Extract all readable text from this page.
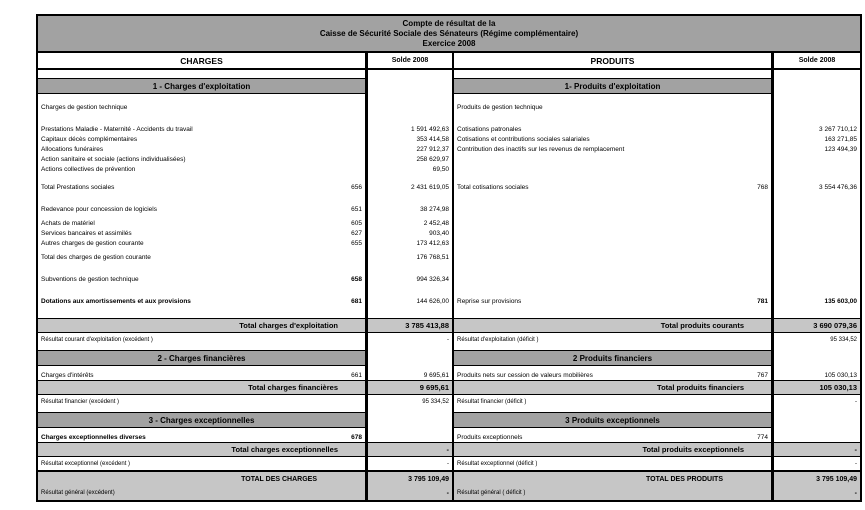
Compte de résultat de la
Caisse de Sécurité Sociale des Sénateurs (Régime complémentaire)
Exercice 2008
CHARGES	Solde 2008	PRODUITS	Solde 2008
1 - Charges d'exploitation	1- Produits d'exploitation
Charges de gestion technique	Produits de gestion technique
Prestations Maladie - Maternité - Accidents du travail	1 591 492,63 Cotisations patronales	3 267 710,12
Capitaux décès complémentaires	353 414,58 Cotisations et contributions sociales salariales	163 271,85
Allocations funéraires	227 912,37 Contribution des inactifs sur les revenus de remplacement	123 494,39
Action sanitaire et sociale (actions individualisées)	258 629,97
Actions collectives de prévention	69,50
Total Prestations sociales	656	2 431 619,05 Total cotisations sociales	768	3 554 476,36
Redevance pour concession de logiciels	651	38 274,98
Achats de matériel	605	2 452,48
Services bancaires et assimilés	627	903,40
Autres charges de gestion courante	655	173 412,63
Total des charges de gestion courante	176 768,51
Subventions de gestion technique	658	994 326,34
Dotations aux amortissements et aux provisions	681	144 626,00 Reprise sur provisions	781	135 603,00
Total charges d'exploitation	3 785 413,88	Total produits courants	3 690 079,36
Résultat courant d'exploitation (excédent )	- Résultat d'exploitation (déficit )	95 334,52
2 - Charges financières	2 Produits financiers
Charges d'intérêts	661	9 695,61 Produits nets sur cession de valeurs mobilières	767	105 030,13
Total charges financières	9 695,61	Total produits financiers	105 030,13
Résultat financier (excédent )	95 334,52 Résultat financier (déficit )	-
3 - Charges exceptionnelles	3 Produits exceptionnels
Charges exceptionnelles diverses	678	Produits exceptionnels	774
Total charges exceptionnelles	-	Total produits exceptionnels	-
Résultat exceptionnel (excédent )	- Résultat exceptionnel (déficit )	-
TOTAL DES CHARGES	3 795 109,49	TOTAL DES PRODUITS	3 795 109,49
Résultat général (excédent)	- Résultat général ( déficit )	-
